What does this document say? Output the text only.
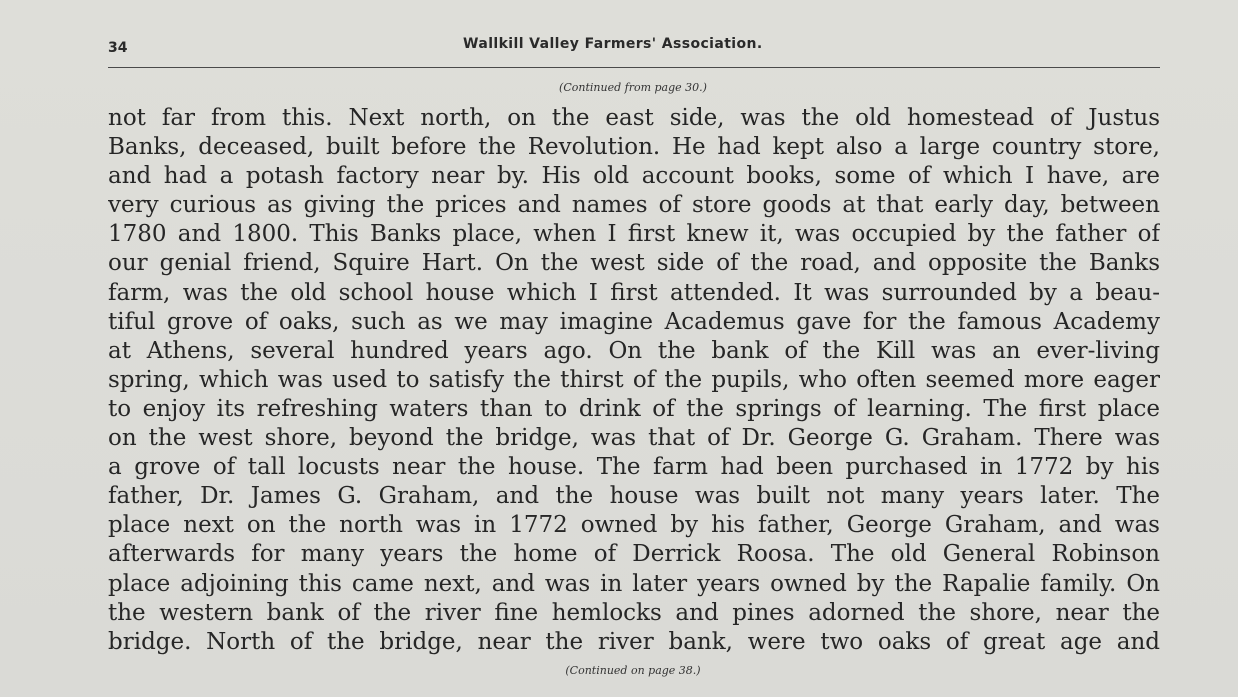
34	Wallkill Valley Farmers' Association.
(Continued from page 30.)
not far from this. Next north, on the east side, was the old homestead of Justus
Banks, deceased, built before the Revolution. He had kept also a large country store,
and had a potash factory near by. His old account books, some of which I have, are
very curious as giving the prices and names of store goods at that early day, between
1780 and 1800. This Banks place, when I first knew it, was occupied by the father of
our genial friend, Squire Hart. On the west side of the road, and opposite the Banks
farm, was the old school house which I first attended. It was surrounded by a beau-
tiful grove of oaks, such as we may imagine Academus gave for the famous Academy
at Athens, several hundred years ago. On the bank of the Kill was an ever-living
spring, which was used to satisfy the thirst of the pupils, who often seemed more eager
to enjoy its refreshing waters than to drink of the springs of learning. The first place
on the west shore, beyond the bridge, was that of Dr. George G. Graham. There was
a grove of tall locusts near the house. The farm had been purchased in 1772 by his
father, Dr. James G. Graham, and the house was built not many years later. The
place next on the north was in 1772 owned by his father, George Graham, and was
afterwards for many years the home of Derrick Roosa. The old General Robinson
place adjoining this came next, and was in later years owned by the Rapalie family. On
the western bank of the river fine hemlocks and pines adorned the shore, near the
bridge. North of the bridge, near the river bank, were two oaks of great age and
(Continued on page 38.)
